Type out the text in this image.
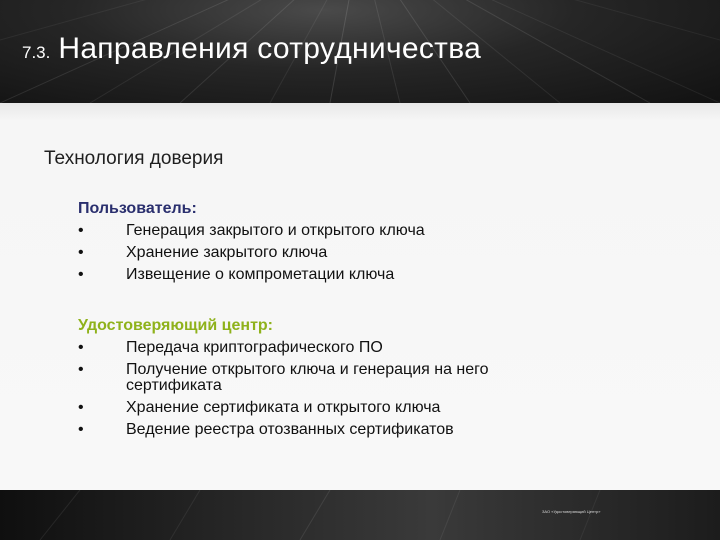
7.3. Направления сотрудничества
Технология доверия
Пользователь:
•	Генерация закрытого и открытого ключа
•	Хранение закрытого ключа
•	Извещение о компрометации ключа
Удостоверяющий центр:
•	Передача криптографического ПО
•	Получение открытого ключа и генерация на него сертификата
•	Хранение сертификата и открытого ключа
•	Ведение реестра отозванных сертификатов
ЗАО «Удостоверяющий Центр»
